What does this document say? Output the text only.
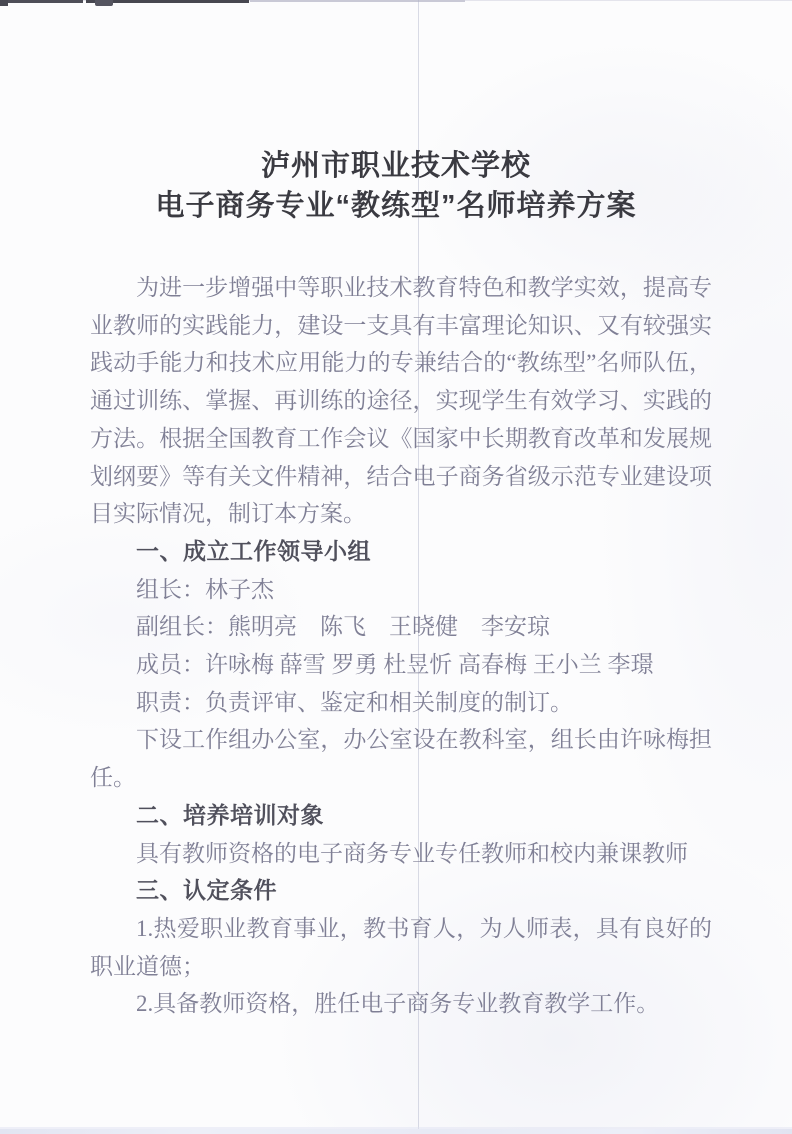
泸州市职业技术学校
电子商务专业“教练型”名师培养方案

为进一步增强中等职业技术教育特色和教学实效，提高专业教师的实践能力，建设一支具有丰富理论知识、又有较强实践动手能力和技术应用能力的专兼结合的“教练型”名师队伍，通过训练、掌握、再训练的途径，实现学生有效学习、实践的方法。根据全国教育工作会议《国家中长期教育改革和发展规划纲要》等有关文件精神，结合电子商务省级示范专业建设项目实际情况，制订本方案。

一、成立工作领导小组

组长：林子杰

副组长：熊明亮　陈飞　王晓健　李安琼

成员：许咏梅 薛雪 罗勇 杜昱忻 高春梅 王小兰 李璟

职责：负责评审、鉴定和相关制度的制订。

下设工作组办公室，办公室设在教科室，组长由许咏梅担任。

二、培养培训对象

具有教师资格的电子商务专业专任教师和校内兼课教师

三、认定条件

1.热爱职业教育事业，教书育人，为人师表，具有良好的职业道德；

2.具备教师资格，胜任电子商务专业教育教学工作。
